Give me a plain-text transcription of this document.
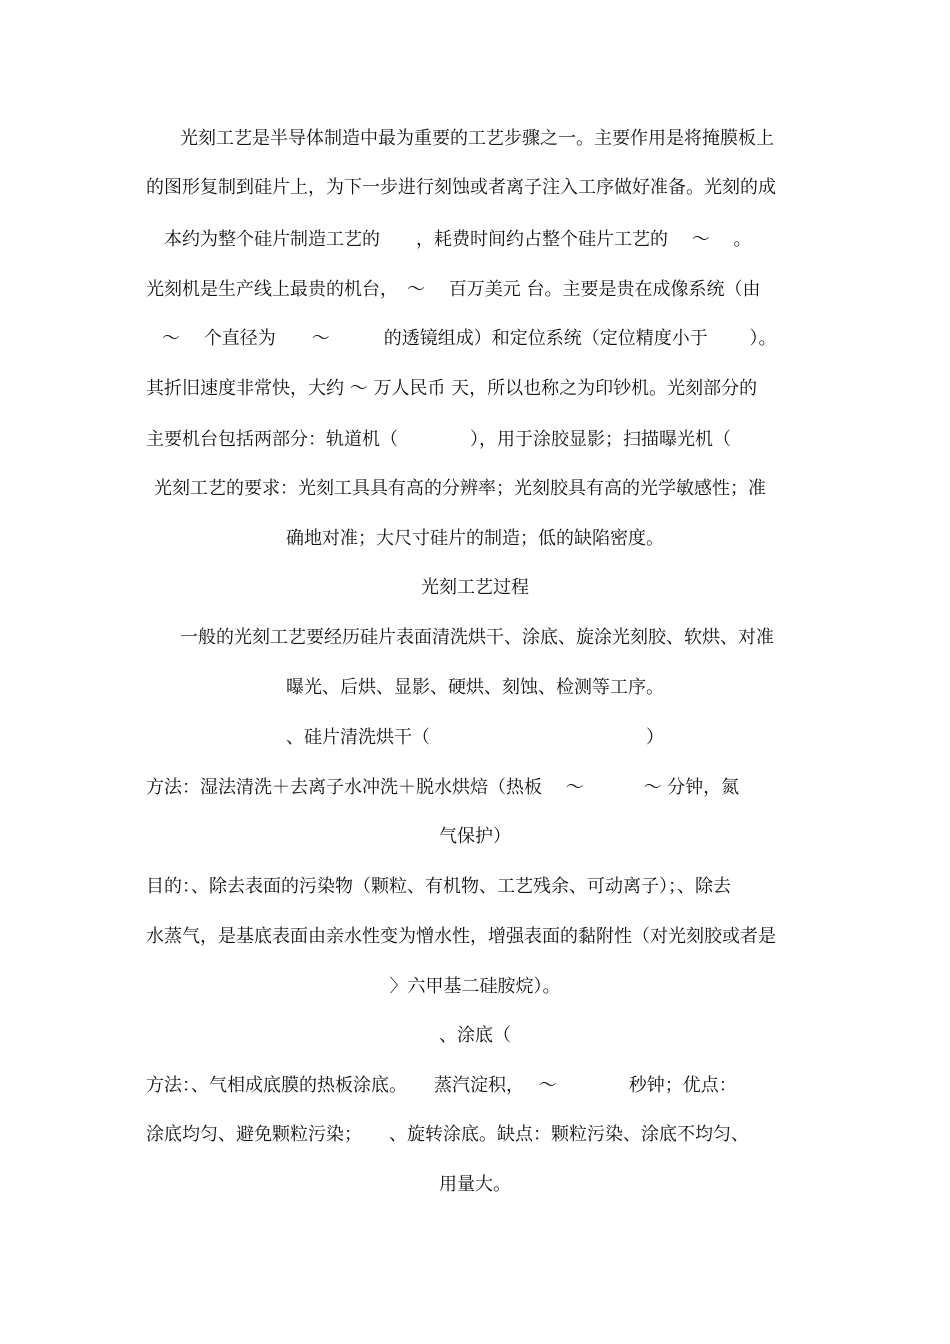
光刻工艺是半导体制造中最为重要的工艺步骤之一。主要作用是将掩膜板上
的图形复制到硅片上，为下一步进行刻蚀或者离子注入工序做好准备。光刻的成
本约为整个硅片制造工艺的　　，耗费时间约占整个硅片工艺的　 ～　 。
光刻机是生产线上最贵的机台，　～　 百万美元 台。主要是贵在成像系统（由
～　 个直径为　　～　　　的透镜组成）和定位系统（定位精度小于　　 ）。
其折旧速度非常快，大约 ～ 万人民币 天，所以也称之为印钞机。光刻部分的
主要机台包括两部分：轨道机（　　　　），用于涂胶显影；扫描曝光机（
光刻工艺的要求：光刻工具具有高的分辨率；光刻胶具有高的光学敏感性；准
确地对准；大尺寸硅片的制造；低的缺陷密度。
光刻工艺过程
一般的光刻工艺要经历硅片表面清洗烘干、涂底、旋涂光刻胶、软烘、对准
曝光、后烘、显影、硬烘、刻蚀、检测等工序。
、硅片清洗烘干（　　　　　　　　　　　　）
方法：湿法清洗＋去离子水冲洗＋脱水烘焙（热板　 ～　　　 ～ 分钟，氮
气保护）
目的：、除去表面的污染物（颗粒、有机物、工艺残余、可动离子）；、除去
水蒸气，是基底表面由亲水性变为憎水性，增强表面的黏附性（对光刻胶或者是
〉六甲基二硅胺烷）。
、涂底（
方法：、气相成底膜的热板涂底。　　蒸汽淀积，　 ～　　　　秒钟；优点：
涂底均匀、避免颗粒污染；　　、旋转涂底。缺点：颗粒污染、涂底不均匀、
用量大。
